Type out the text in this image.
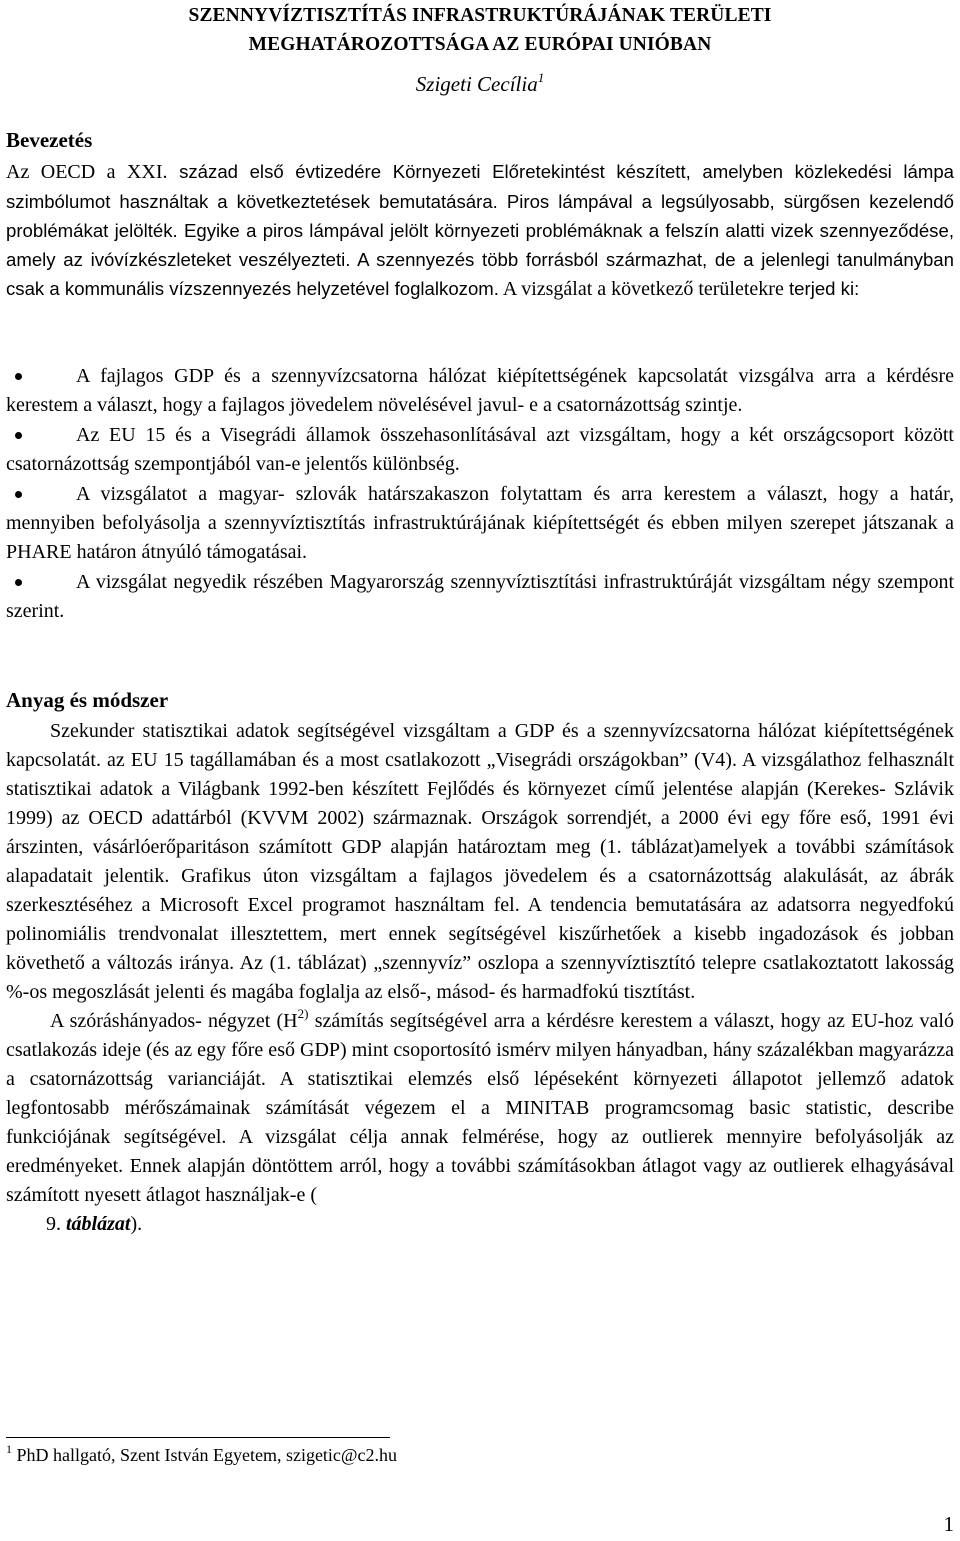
SZENNYVÍZTISZTÍTÁS INFRASTRUKTÚRÁJÁNAK TERÜLETI
MEGHATÁROZOTTSÁGA AZ EURÓPAI UNIÓBAN
Szigeti Cecília$^1$
Bevezetés

Az OECD a XXI. század első évtizedére Környezeti Előretekintést készített, amelyben közlekedési lámpa szimbólumot használtak a következtetések bemutatására. Piros lámpával a legsúlyosabb, sürgősen kezelendő problémákat jelölték. Egyike a piros lámpával jelölt környezeti problémáknak a felszín alatti vizek szennyeződése, amely az ivóvízkészleteket veszélyezteti. A szennyezés több forrásból származhat, de a jelenlegi tanulmányban csak a kommunális vízszennyezés helyzetével foglalkozom. A vizsgálat a következő területekre terjed ki:

A fajlagos GDP és a szennyvízcsatorna hálózat kiépítettségének kapcsolatát vizsgálva arra a kérdésre kerestem a választ, hogy a fajlagos jövedelem növelésével javul- e a csatornázottság szintje.
Az EU 15 és a Visegrádi államok összehasonlításával azt vizsgáltam, hogy a két országcsoport között csatornázottság szempontjából van-e jelentős különbség.
A vizsgálatot a magyar- szlovák határszakaszon folytattam és arra kerestem a választ, hogy a határ, mennyiben befolyásolja a szennyvíztisztítás infrastruktúrájának kiépítettségét és ebben milyen szerepet játszanak a PHARE határon átnyúló támogatásai.
A vizsgálat negyedik részében Magyarország szennyvíztisztítási infrastruktúráját vizsgáltam négy szempont szerint.
Anyag és módszer

Szekunder statisztikai adatok segítségével vizsgáltam a GDP és a szennyvízcsatorna hálózat kiépítettségének kapcsolatát. az EU 15 tagállamában és a most csatlakozott „Visegrádi országokban” (V4). A vizsgálathoz felhasznált statisztikai adatok a Világbank 1992-ben készített Fejlődés és környezet című jelentése alapján (Kerekes- Szlávik 1999) az OECD adattárból (KVVM 2002) származnak. Országok sorrendjét, a 2000 évi egy főre eső, 1991 évi árszinten, vásárlóerőparitáson számított GDP alapján határoztam meg (1. táblázat)amelyek a további számítások alapadatait jelentik. Grafikus úton vizsgáltam a fajlagos jövedelem és a csatornázottság alakulását, az ábrák szerkesztéséhez a Microsoft Excel programot használtam fel. A tendencia bemutatására az adatsorra negyedfokú polinomiális trendvonalat illesztettem, mert ennek segítségével kiszűrhetőek a kisebb ingadozások és jobban követhető a változás iránya. Az (1. táblázat) „szennyvíz” oszlopa a szennyvíztisztító telepre csatlakoztatott lakosság %-os megoszlását jelenti és magába foglalja az első-, másod- és harmadfokú tisztítást.

A szóráshányados- négyzet ($H^{2)}$ számítás segítségével arra a kérdésre kerestem a választ, hogy az EU-hoz való csatlakozás ideje (és az egy főre eső GDP) mint csoportosító ismérv milyen hányadban, hány százalékban magyarázza a csatornázottság varianciáját. A statisztikai elemzés első lépéseként környezeti állapotot jellemző adatok legfontosabb mérőszámainak számítását végezem el a MINITAB programcsomag basic statistic, describe funkciójának segítségével. A vizsgálat célja annak felmérése, hogy az outlierek mennyire befolyásolják az eredményeket. Ennek alapján döntöttem arról, hogy a további számításokban átlagot vagy az outlierek elhagyásával számított nyesett átlagot használjak-e (

9. táblázat).

$^1$ PhD hallgató, Szent István Egyetem, szigetic@c2.hu

1
